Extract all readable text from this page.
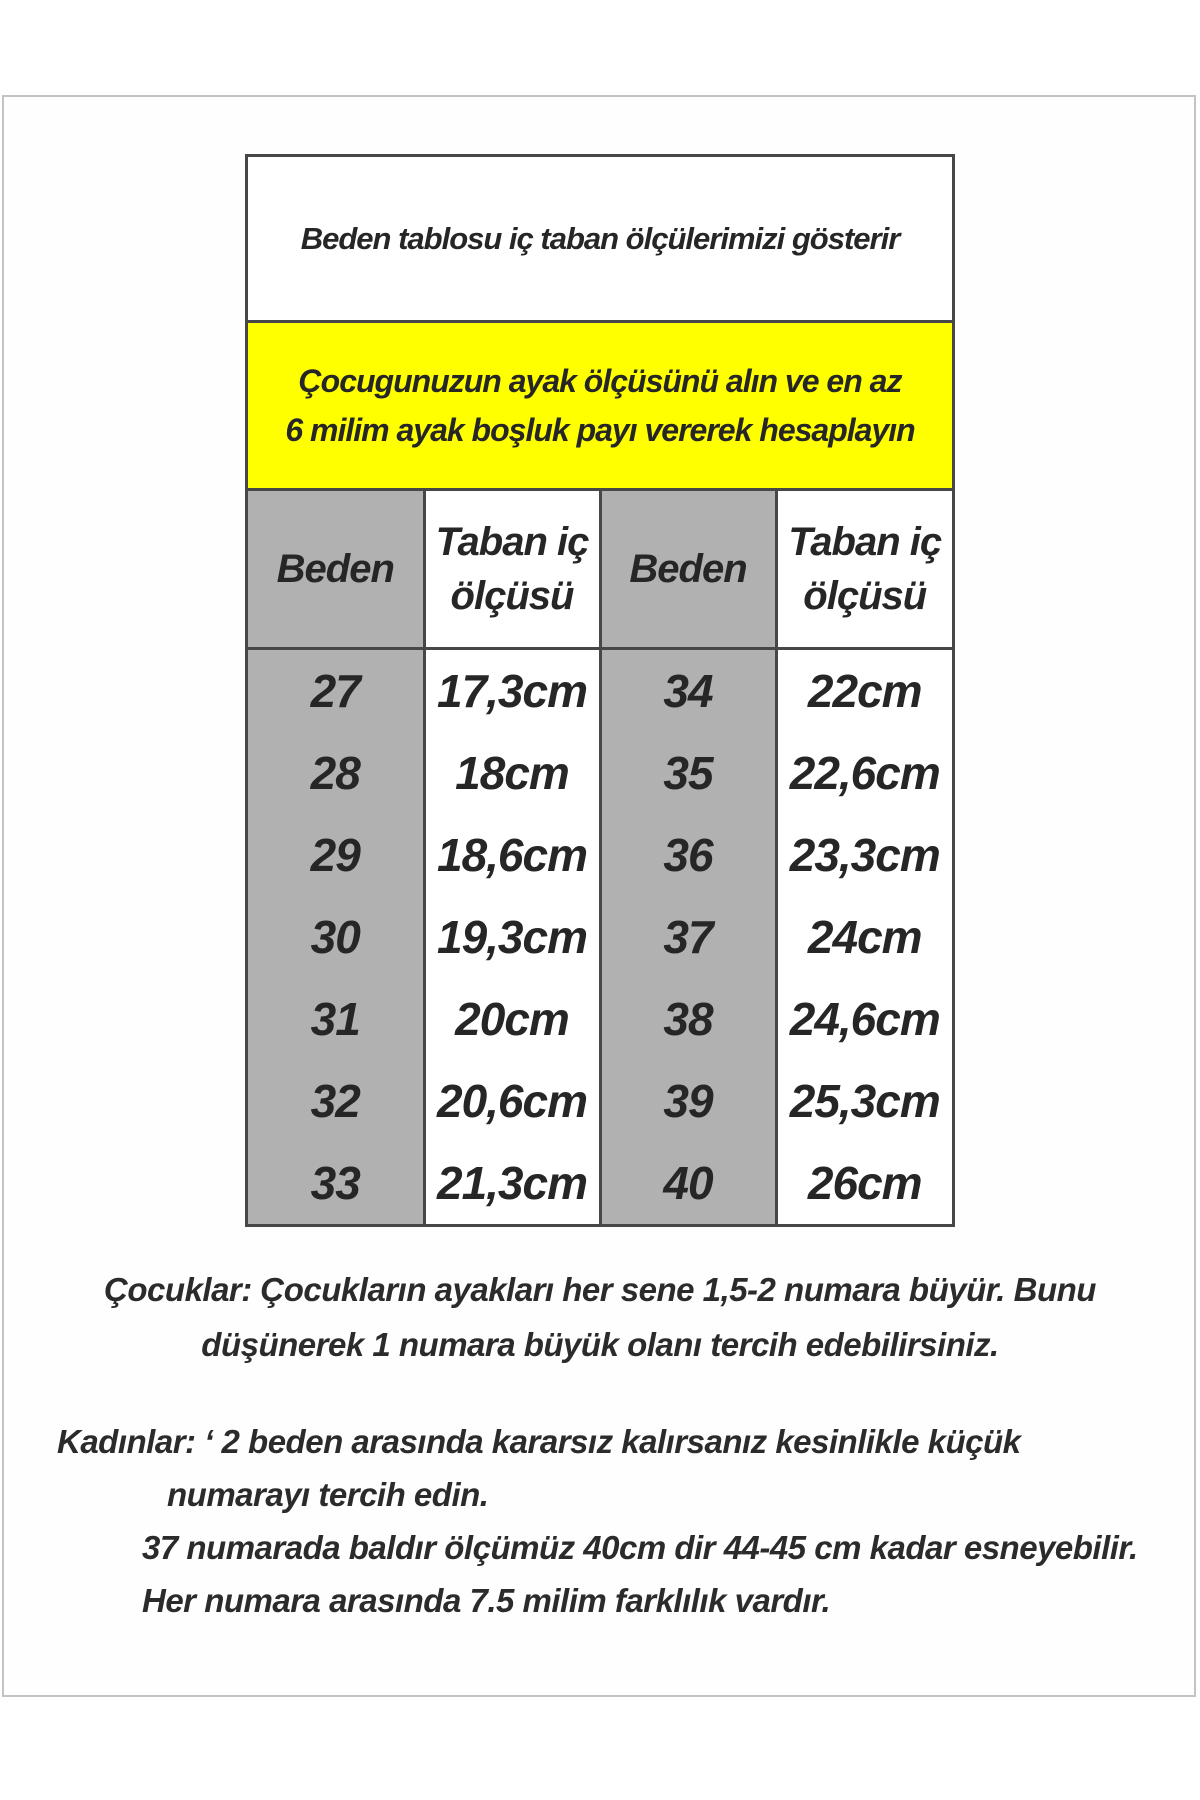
Beden tablosu iç taban ölçülerimizi gösterir			

Çocugunuzun ayak ölçüsünü alın ve en az
6 milim ayak boşluk payı vererek hesaplayın			

Beden	Taban iç ölçüsü	Beden	Taban iç ölçüsü
27	17,3cm	34	22cm
28	18cm	35	22,6cm
29	18,6cm	36	23,3cm
30	19,3cm	37	24cm
31	20cm	38	24,6cm
32	20,6cm	39	25,3cm
33	21,3cm	40	26cm
Çocuklar: Çocukların ayakları her sene 1,5-2 numara büyür. Bunu
düşünerek 1 numara büyük olanı tercih edebilirsiniz.
Kadınlar: ‘ 2 beden arasında kararsız kalırsanız kesinlikle küçük
numarayı tercih edin.
37 numarada baldır ölçümüz 40cm dir 44-45 cm kadar esneyebilir.
Her numara arasında 7.5 milim farklılık vardır.
